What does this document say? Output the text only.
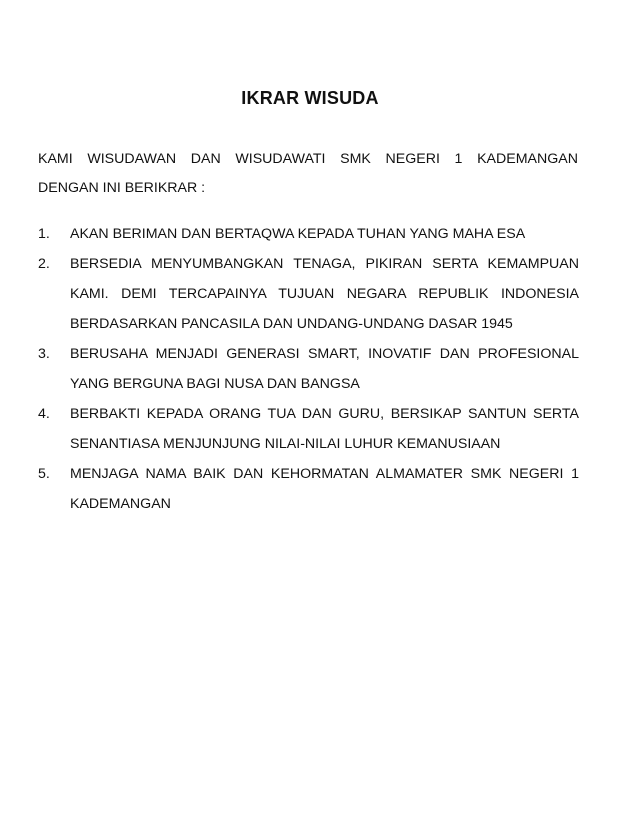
IKRAR WISUDA
KAMI WISUDAWAN DAN WISUDAWATI SMK NEGERI 1 KADEMANGAN
DENGAN INI BERIKRAR :
1. AKAN BERIMAN DAN BERTAQWA KEPADA TUHAN YANG MAHA ESA
2. BERSEDIA MENYUMBANGKAN TENAGA, PIKIRAN SERTA KEMAMPUAN KAMI. DEMI TERCAPAINYA TUJUAN NEGARA REPUBLIK INDONESIA BERDASARKAN PANCASILA DAN UNDANG-UNDANG DASAR 1945
3. BERUSAHA MENJADI GENERASI SMART, INOVATIF DAN PROFESIONAL YANG BERGUNA BAGI NUSA DAN BANGSA
4. BERBAKTI KEPADA ORANG TUA DAN GURU, BERSIKAP SANTUN SERTA SENANTIASA MENJUNJUNG NILAI-NILAI LUHUR KEMANUSIAAN
5. MENJAGA NAMA BAIK DAN KEHORMATAN ALMAMATER SMK NEGERI 1 KADEMANGAN
